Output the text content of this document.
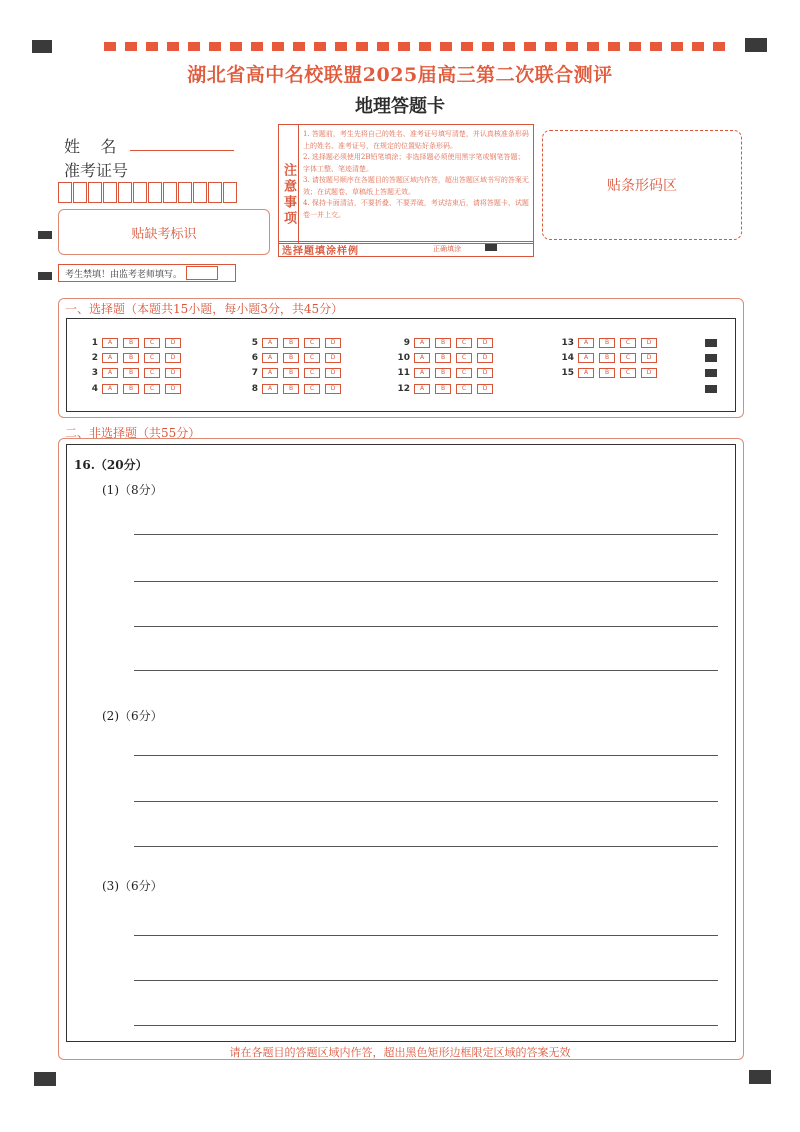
湖北省高中名校联盟2025届高三第二次联合测评
地理答题卡
姓    名
准考证号
贴缺考标识
考生禁填！由监考老师填写。
注意事项
1. 答题前，考生先将自己的姓名、准考证号填写清楚，并认真核准条形码上的姓名、准考证号，在规定的位置贴好条形码。
2. 选择题必须使用2B铅笔填涂；非选择题必须使用黑字笔或钢笔答题；字体工整、笔迹清楚。
3. 请按题号顺序在各题目的答题区域内作答，超出答题区域书写的答案无效；在试题卷、草稿纸上答题无效。
4. 保持卡面清洁，不要折叠、不要弄破，考试结束后，请将答题卡、试题卷一并上交。
选择题填涂样例	正确填涂
贴条形码区
一、选择题（本题共15小题，每小题3分，共45分）
1	A	B	C	D
2	A	B	C	D
3	A	B	C	D
4	A	B	C	D
5	A	B	C	D
6	A	B	C	D
7	A	B	C	D
8	A	B	C	D
9	A	B	C	D
10	A	B	C	D
11	A	B	C	D
12	A	B	C	D
13	A	B	C	D
14	A	B	C	D
15	A	B	C	D
二、非选择题（共55分）
16.（20分）
(1)（8分）
(2)（6分）
(3)（6分）
请在各题目的答题区域内作答，超出黑色矩形边框限定区域的答案无效
